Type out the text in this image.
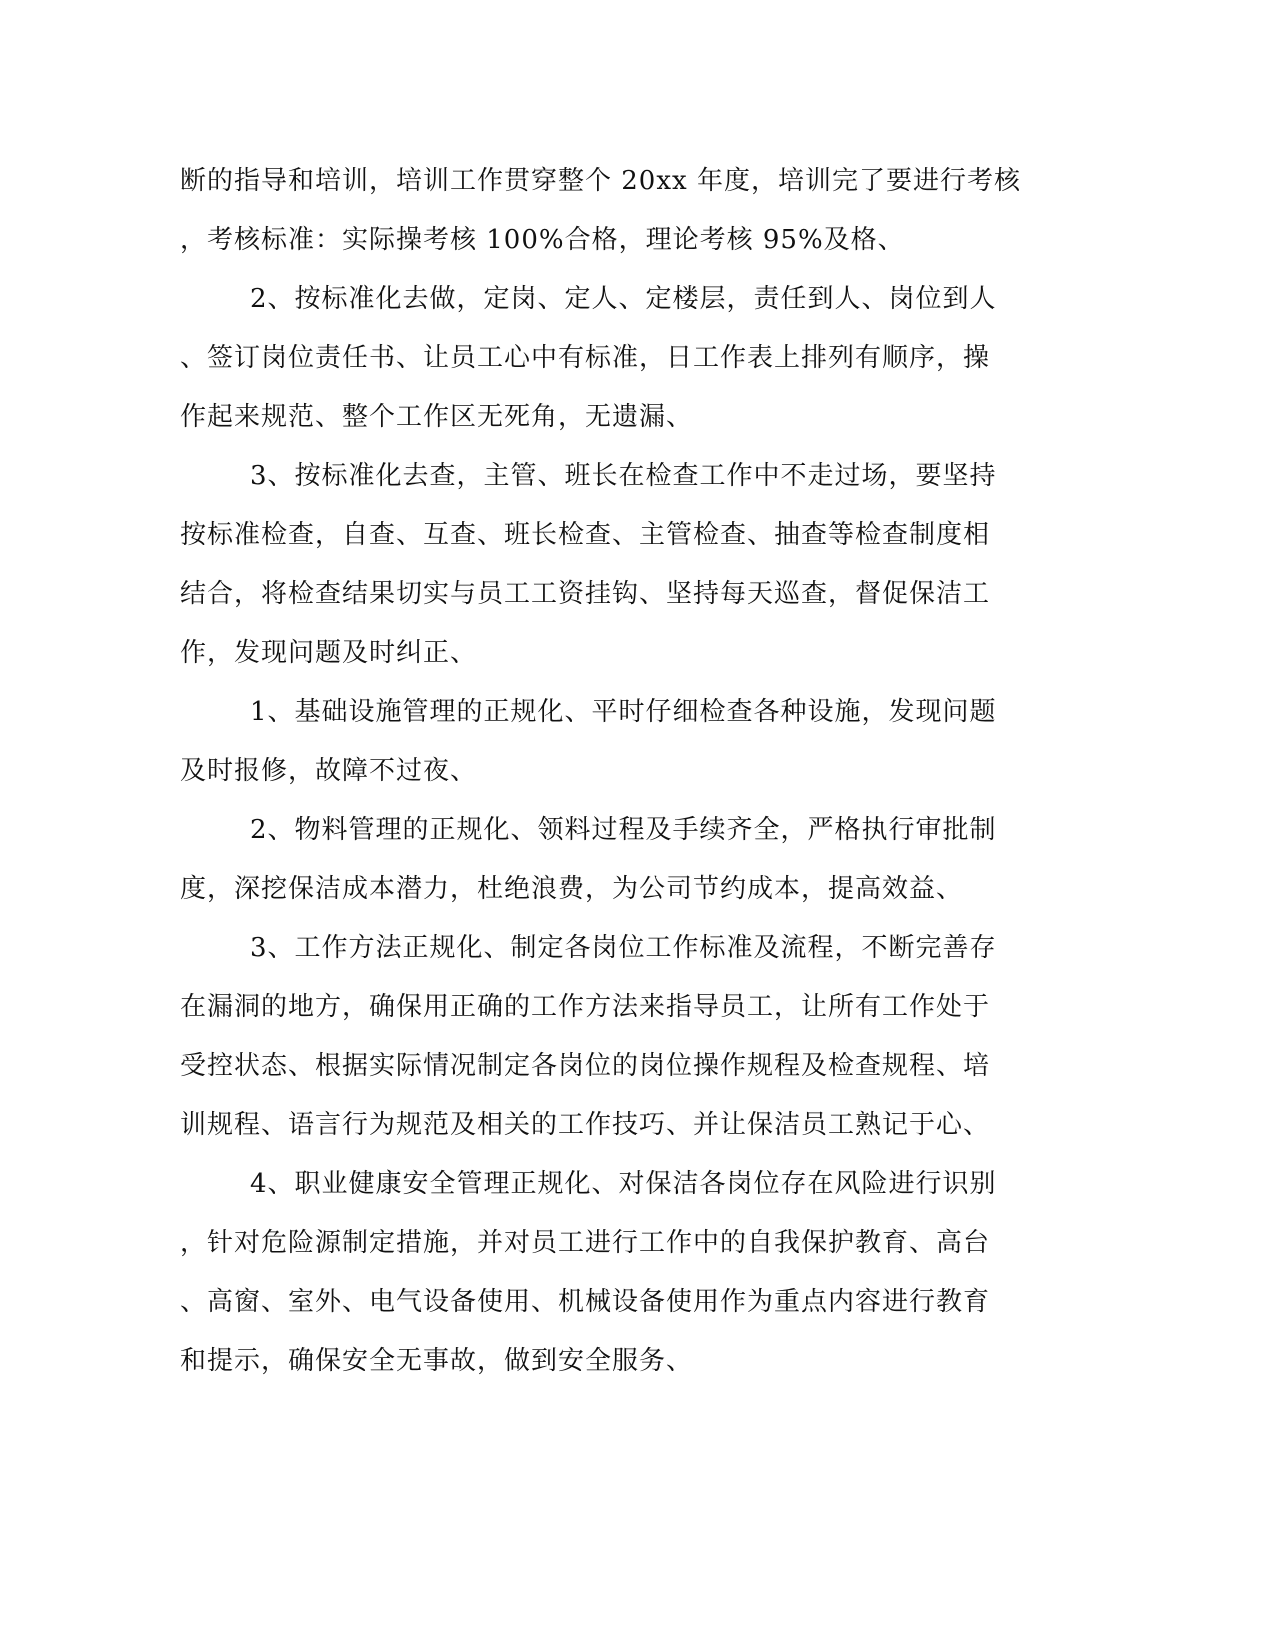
断的指导和培训，培训工作贯穿整个 20xx 年度，培训完了要进行考核
，考核标准：实际操考核 100%合格，理论考核 95%及格、
2、按标准化去做，定岗、定人、定楼层，责任到人、岗位到人
、签订岗位责任书、让员工心中有标准，日工作表上排列有顺序，操
作起来规范、整个工作区无死角，无遗漏、
3、按标准化去查，主管、班长在检查工作中不走过场，要坚持
按标准检查，自查、互查、班长检查、主管检查、抽查等检查制度相
结合，将检查结果切实与员工工资挂钩、坚持每天巡查，督促保洁工
作，发现问题及时纠正、
1、基础设施管理的正规化、平时仔细检查各种设施，发现问题
及时报修，故障不过夜、
2、物料管理的正规化、领料过程及手续齐全，严格执行审批制
度，深挖保洁成本潜力，杜绝浪费，为公司节约成本，提高效益、
3、工作方法正规化、制定各岗位工作标准及流程，不断完善存
在漏洞的地方，确保用正确的工作方法来指导员工，让所有工作处于
受控状态、根据实际情况制定各岗位的岗位操作规程及检查规程、培
训规程、语言行为规范及相关的工作技巧、并让保洁员工熟记于心、
4、职业健康安全管理正规化、对保洁各岗位存在风险进行识别
，针对危险源制定措施，并对员工进行工作中的自我保护教育、高台
、高窗、室外、电气设备使用、机械设备使用作为重点内容进行教育
和提示，确保安全无事故，做到安全服务、
